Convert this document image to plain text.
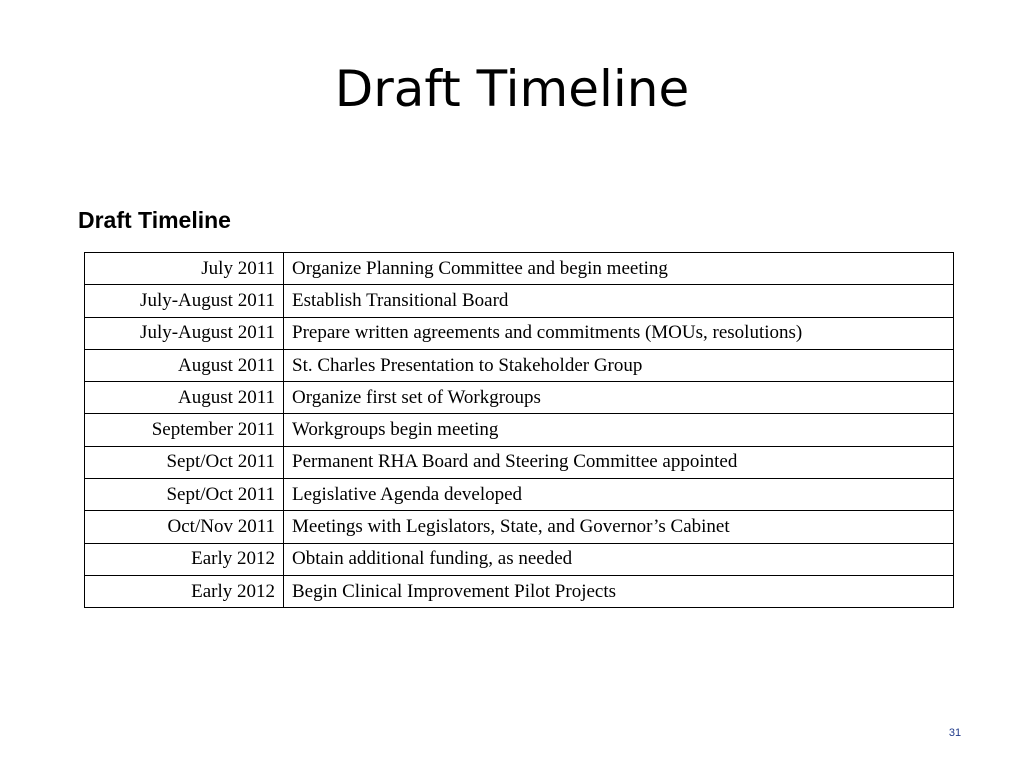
Draft Timeline
Draft Timeline
July 2011	Organize Planning Committee and begin meeting
July-August 2011	Establish Transitional Board
July-August 2011	Prepare written agreements and commitments (MOUs, resolutions)
August 2011	St. Charles Presentation to Stakeholder Group
August 2011	Organize first set of Workgroups
September 2011	Workgroups begin meeting
Sept/Oct 2011	Permanent RHA Board and Steering Committee appointed
Sept/Oct 2011	Legislative Agenda developed
Oct/Nov 2011	Meetings with Legislators, State, and Governor’s Cabinet
Early 2012	Obtain additional funding, as needed
Early 2012	Begin Clinical Improvement Pilot Projects
31
